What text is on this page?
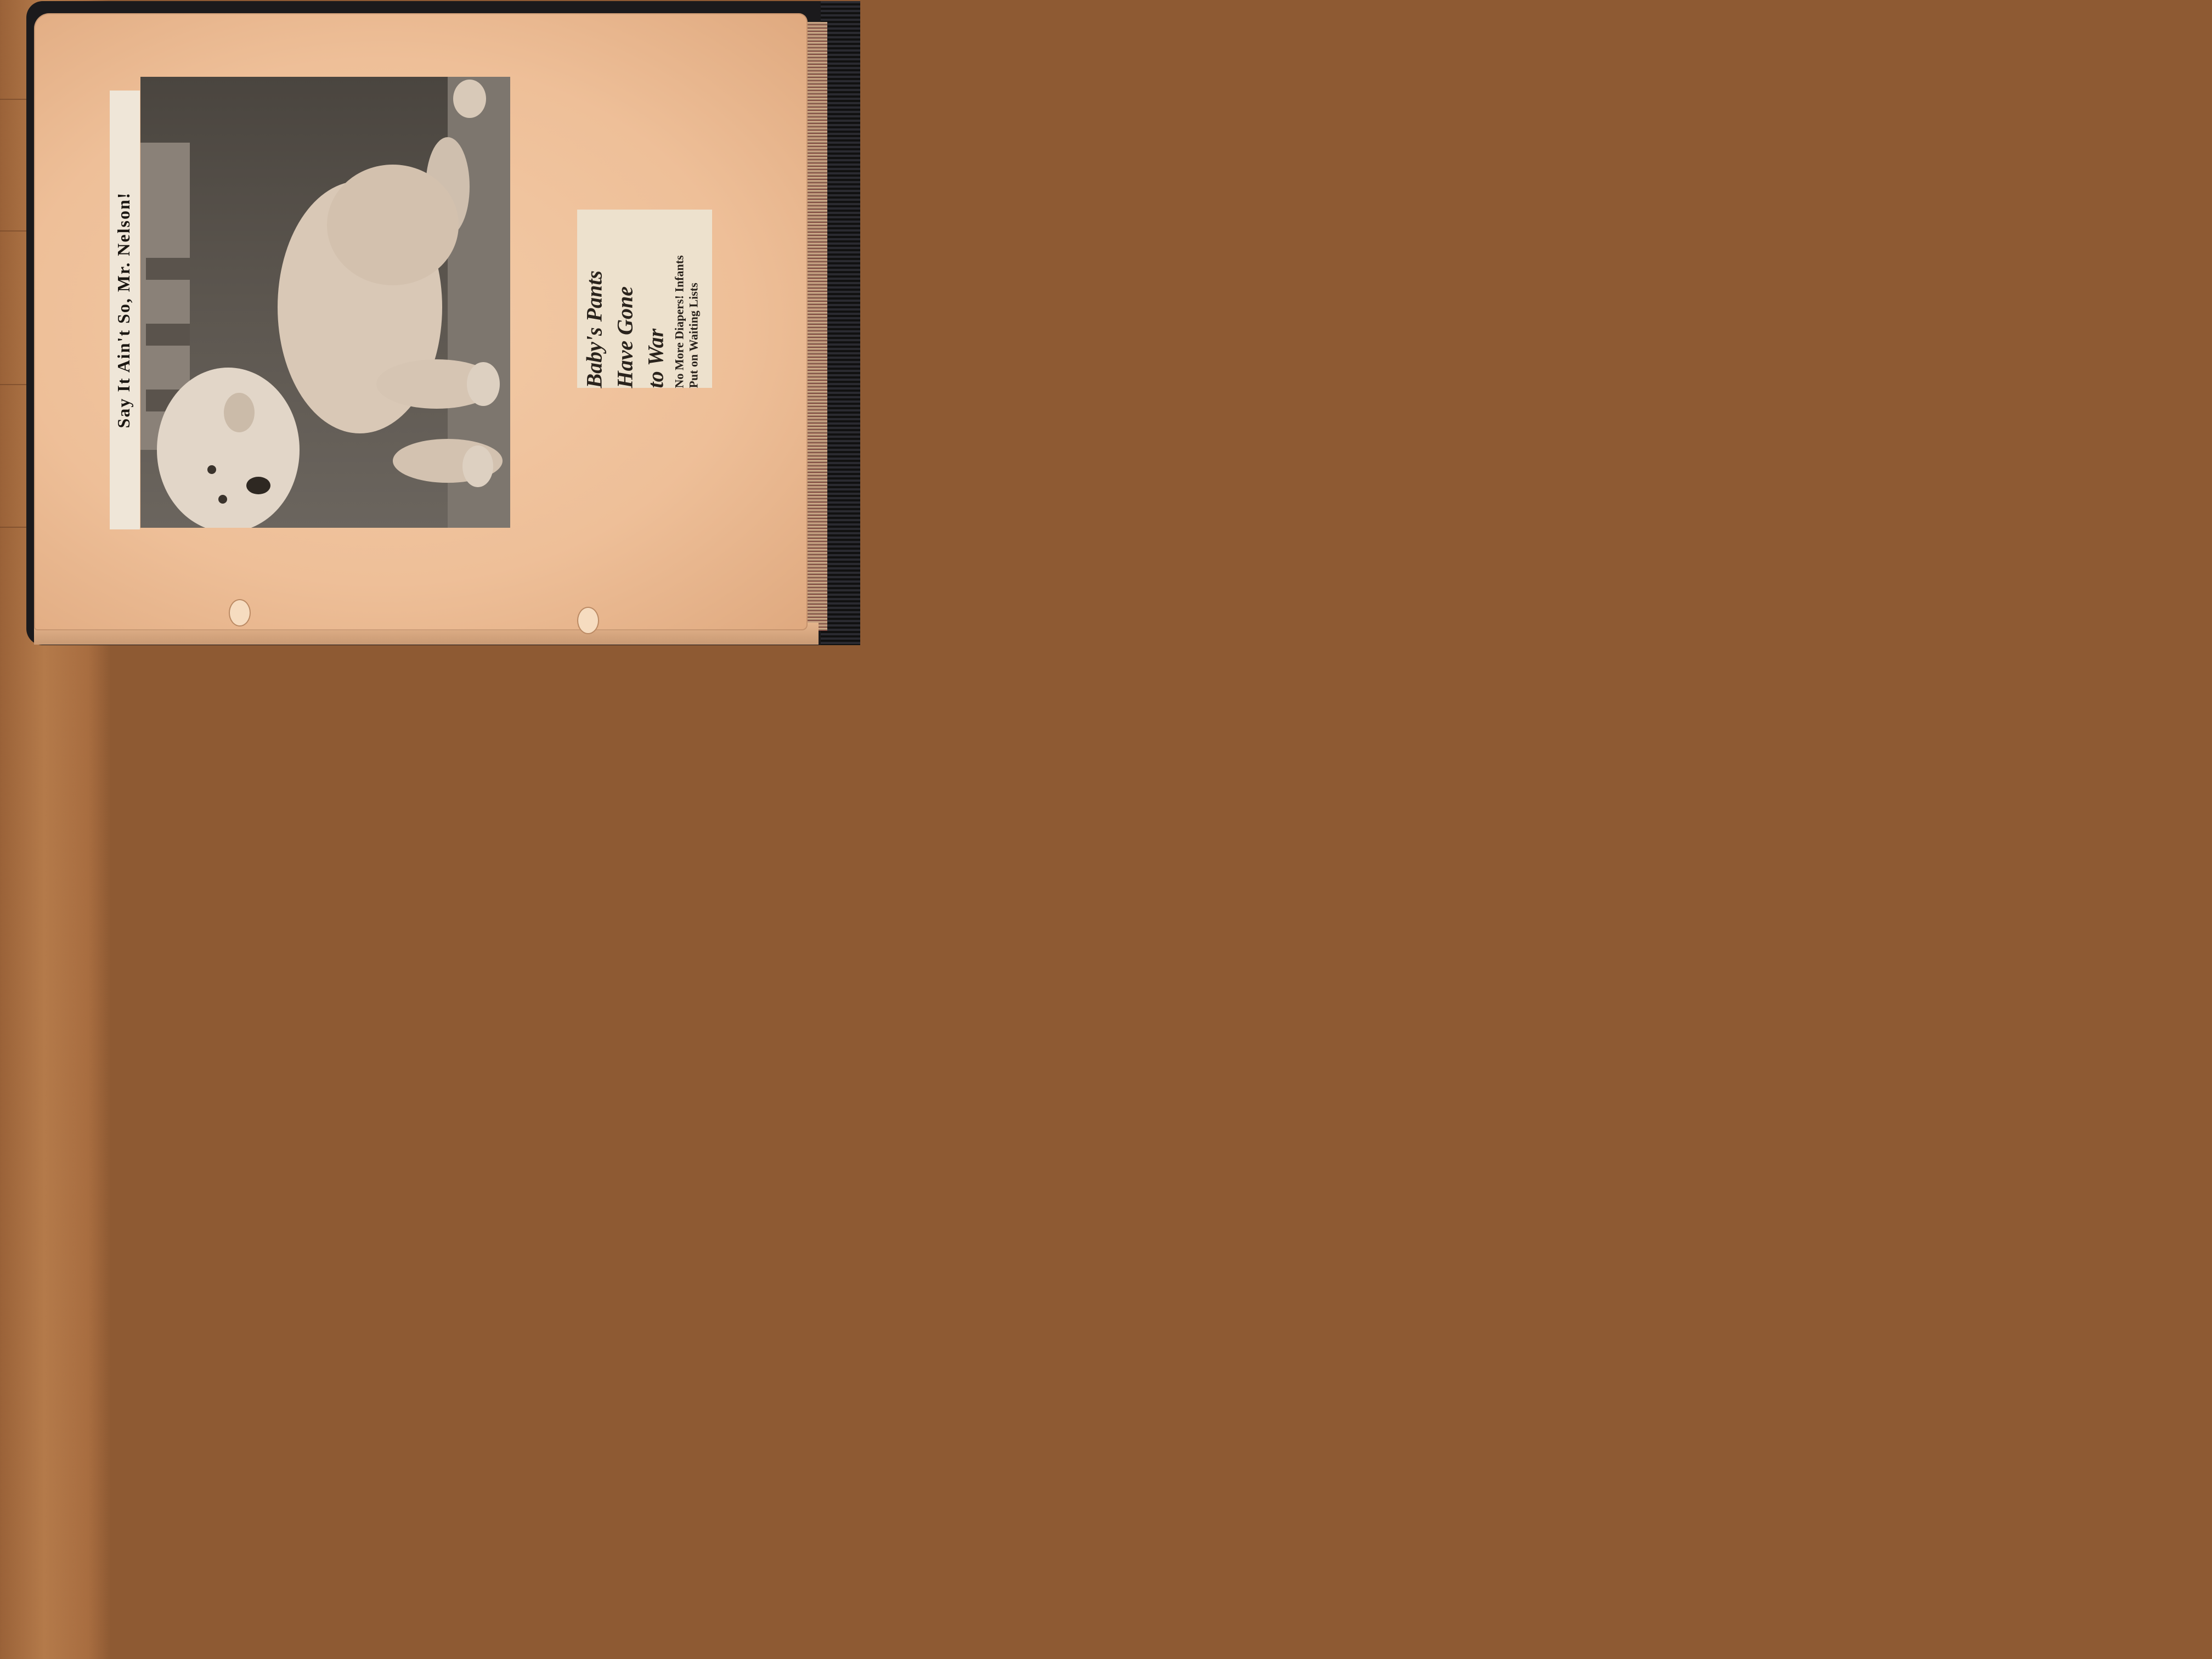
Say It Ain't So, Mr. Nelson!	Baby's Pants Have Gone to War No More Diapers! Infants Put on Waiting Lists
